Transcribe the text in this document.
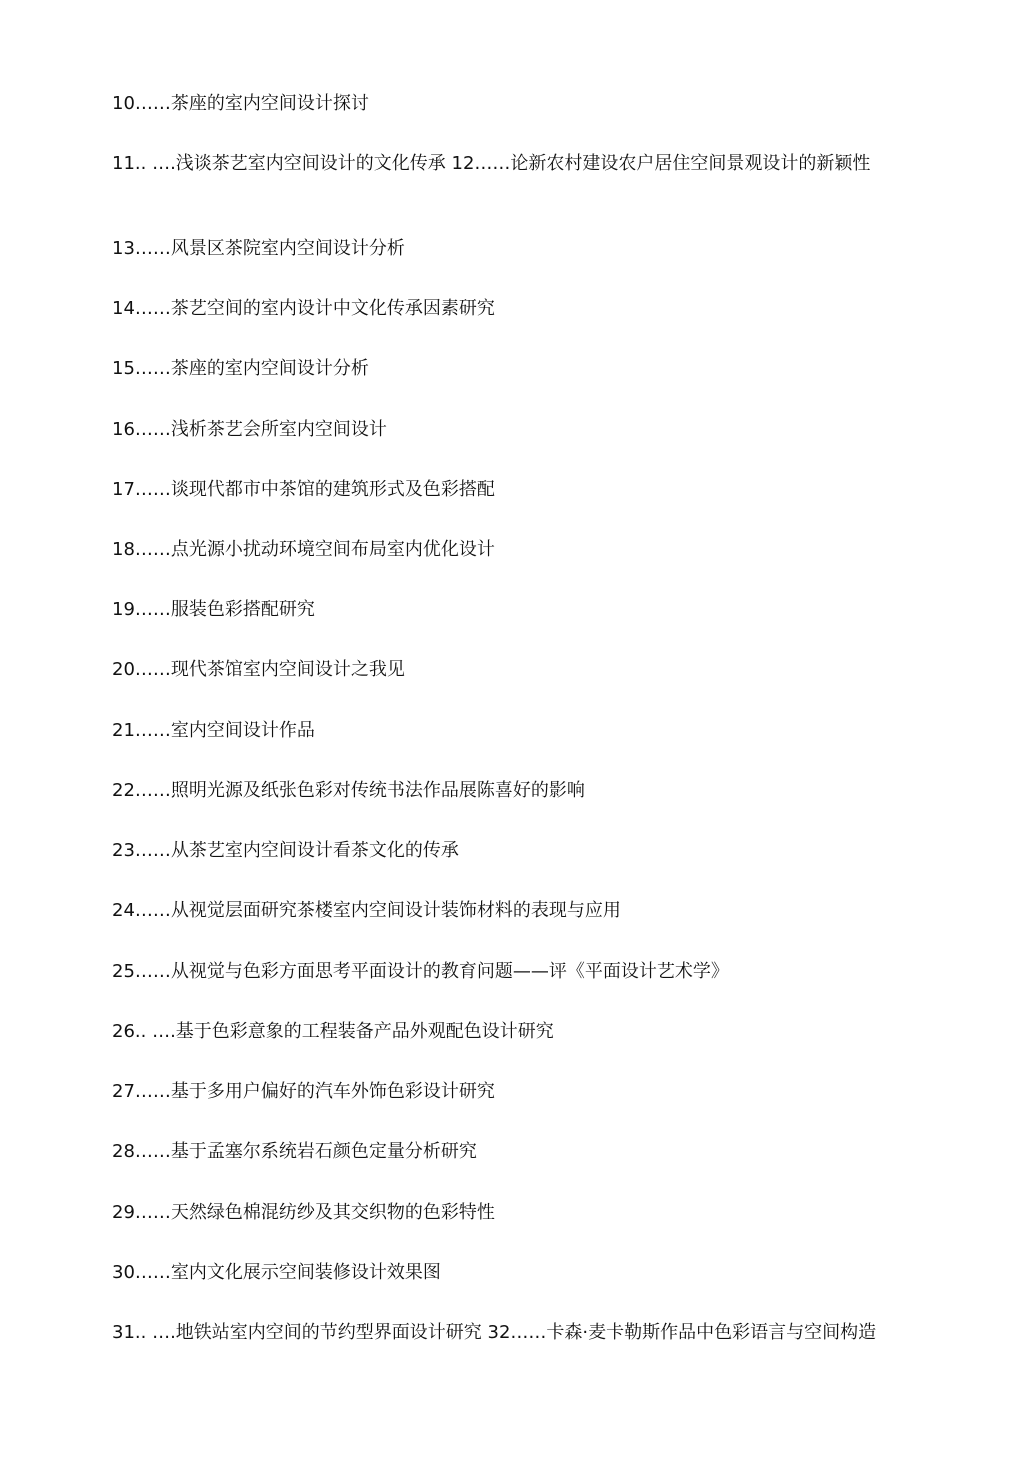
10……茶座的室内空间设计探讨
11.. ….浅谈茶艺室内空间设计的文化传承 12……论新农村建设农户居住空间景观设计的新颖性
13……风景区茶院室内空间设计分析
14……茶艺空间的室内设计中文化传承因素研究
15……茶座的室内空间设计分析
16……浅析茶艺会所室内空间设计
17……谈现代都市中茶馆的建筑形式及色彩搭配
18……点光源小扰动环境空间布局室内优化设计
19……服装色彩搭配研究
20……现代茶馆室内空间设计之我见
21……室内空间设计作品
22……照明光源及纸张色彩对传统书法作品展陈喜好的影响
23……从茶艺室内空间设计看茶文化的传承
24……从视觉层面研究茶楼室内空间设计装饰材料的表现与应用
25……从视觉与色彩方面思考平面设计的教育问题——评《平面设计艺术学》
26.. ….基于色彩意象的工程装备产品外观配色设计研究
27……基于多用户偏好的汽车外饰色彩设计研究
28……基于孟塞尔系统岩石颜色定量分析研究
29……天然绿色棉混纺纱及其交织物的色彩特性
30……室内文化展示空间装修设计效果图
31.. ….地铁站室内空间的节约型界面设计研究 32……卡森·麦卡勒斯作品中色彩语言与空间构造
